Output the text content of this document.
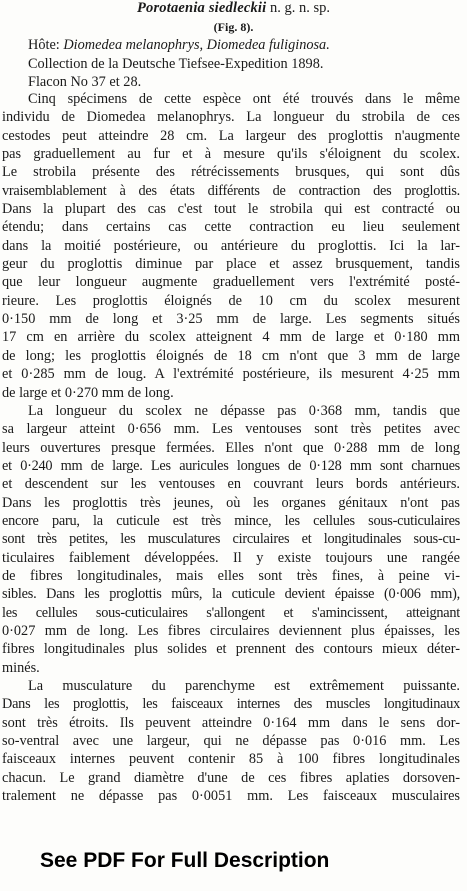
Porotaenia siedleckii n. g. n. sp.
(Fig. 8).
Hôte: Diomedea melanophrys, Diomedea fuliginosa.
Collection de la Deutsche Tiefsee-Expedition 1898.
Flacon No 37 et 28.
Cinq spécimens de cette espèce ont été trouvés dans le même
individu de Diomedea melanophrys. La longueur du strobila de ces
cestodes peut atteindre 28 cm. La largeur des proglottis n'augmente
pas graduellement au fur et à mesure qu'ils s'éloignent du scolex.
Le strobila présente des rétrécissements brusques, qui sont dûs
vraisemblablement à des états différents de contraction des proglottis.
Dans la plupart des cas c'est tout le strobila qui est contracté ou
étendu; dans certains cas cette contraction eu lieu seulement
dans la moitié postérieure, ou antérieure du proglottis. Ici la lar-
geur du proglottis diminue par place et assez brusquement, tandis
que leur longueur augmente graduellement vers l'extrémité posté-
rieure. Les proglottis éloignés de 10 cm du scolex mesurent
0·150 mm de long et 3·25 mm de large. Les segments situés
17 cm en arrière du scolex atteignent 4 mm de large et 0·180 mm
de long; les proglottis éloignés de 18 cm n'ont que 3 mm de large
et 0·285 mm de loug. A l'extrémité postérieure, ils mesurent 4·25 mm
de large et 0·270 mm de long.
La longueur du scolex ne dépasse pas 0·368 mm, tandis que
sa largeur atteint 0·656 mm. Les ventouses sont très petites avec
leurs ouvertures presque fermées. Elles n'ont que 0·288 mm de long
et 0·240 mm de large. Les auricules longues de 0·128 mm sont charnues
et descendent sur les ventouses en couvrant leurs bords antérieurs.
Dans les proglottis très jeunes, où les organes génitaux n'ont pas
encore paru, la cuticule est très mince, les cellules sous-cuticulaires
sont très petites, les musculatures circulaires et longitudinales sous-cu-
ticulaires faiblement développées. Il y existe toujours une rangée
de fibres longitudinales, mais elles sont très fines, à peine vi-
sibles. Dans les proglottis mûrs, la cuticule devient épaisse (0·006 mm),
les cellules sous-cuticulaires s'allongent et s'amincissent, atteignant
0·027 mm de long. Les fibres circulaires deviennent plus épaisses, les
fibres longitudinales plus solides et prennent des contours mieux déter-
minés.
La musculature du parenchyme est extrêmement puissante.
Dans les proglottis, les faisceaux internes des muscles longitudinaux
sont très étroits. Ils peuvent atteindre 0·164 mm dans le sens dor-
so-ventral avec une largeur, qui ne dépasse pas 0·016 mm. Les
faisceaux internes peuvent contenir 85 à 100 fibres longitudinales
chacun. Le grand diamètre d'une de ces fibres aplaties dorsoven-
tralement ne dépasse pas 0·0051 mm. Les faisceaux musculaires
See PDF For Full Description
